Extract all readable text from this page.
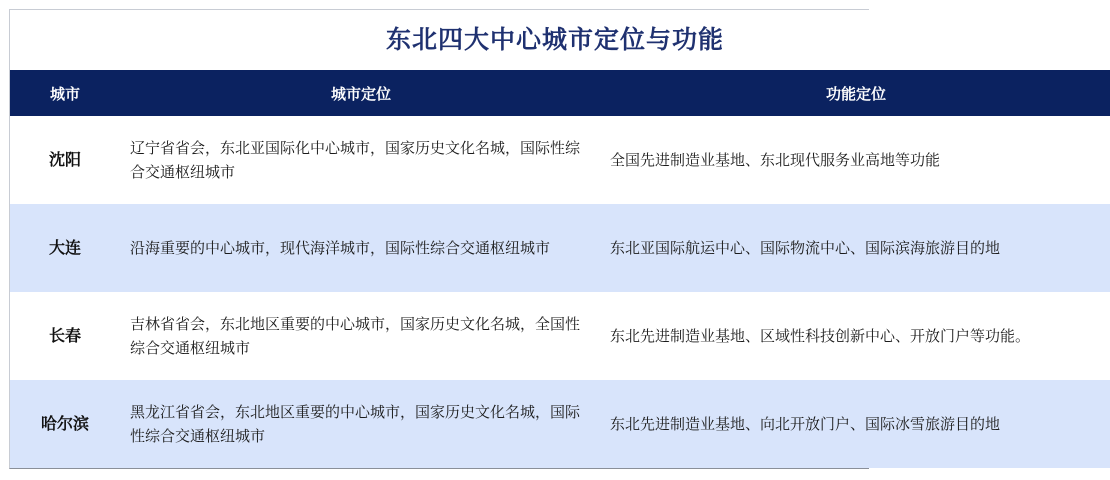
东北四大中心城市定位与功能
城市	城市定位	功能定位
沈阳	辽宁省省会，东北亚国际化中心城市，国家历史文化名城，国际性综合交通枢纽城市	全国先进制造业基地、东北现代服务业高地等功能
大连	沿海重要的中心城市，现代海洋城市，国际性综合交通枢纽城市	东北亚国际航运中心、国际物流中心、国际滨海旅游目的地
长春	吉林省省会，东北地区重要的中心城市，国家历史文化名城，全国性综合交通枢纽城市	东北先进制造业基地、区域性科技创新中心、开放门户等功能。
哈尔滨	黑龙江省省会，东北地区重要的中心城市，国家历史文化名城，国际性综合交通枢纽城市	东北先进制造业基地、向北开放门户、国际冰雪旅游目的地
